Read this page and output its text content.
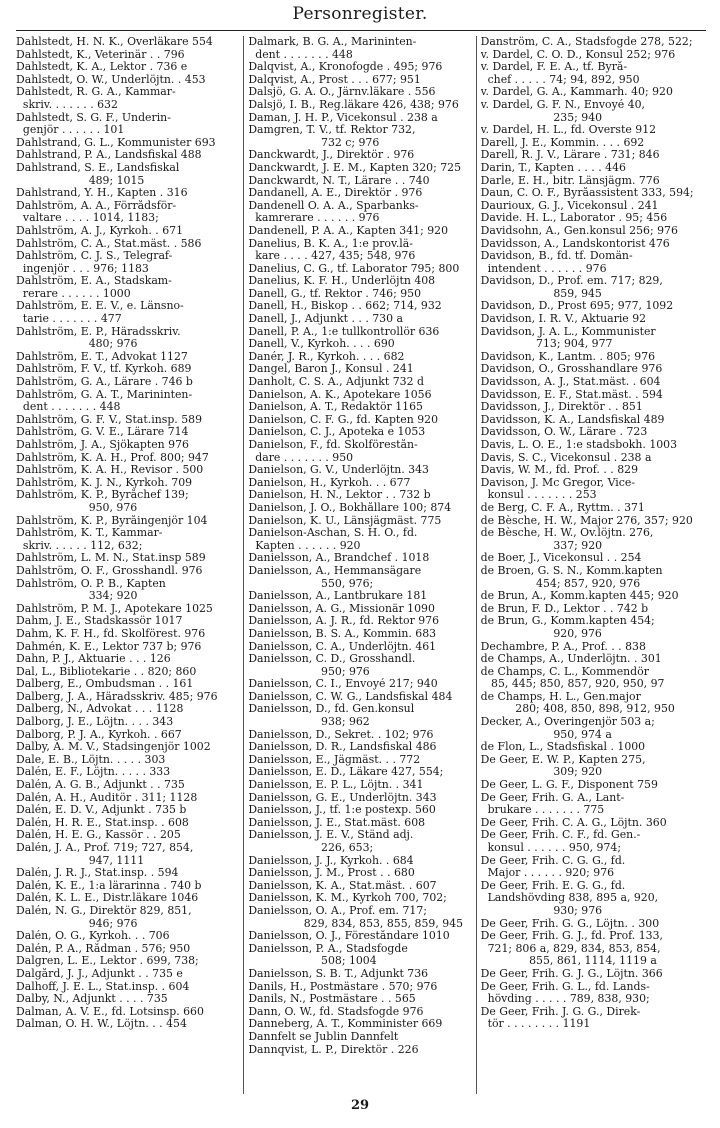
Personregister.
Dahlstedt, H. N. K., Överläkare 554
Dahlstedt, K., Veterinär . . 796
Dahlstedt, K. A., Lektor . 736 e
Dahlstedt, O. W., Underlöjtn. . 453
Dahlstedt, R. G. A., Kammar-
skriv. . . . . . . 632
Dahlstedt, S. G. F., Underin-
genjör . . . . . . 101
Dahlstrand, G. L., Kommunister 693
Dahlstrand, P. A., Landsfiskal 488
Dahlstrand, S. E., Landsfiskal
489; 1015
Dahlstrand, Y. H., Kapten . 316
Dahlström, A. A., Förrådsför-
valtare . . . . 1014, 1183;
Dahlström, A. J., Kyrkoh. . 671
Dahlström, C. A., Stat.mäst. . 586
Dahlström, C. J. S., Telegraf-
ingenjör . . . 976; 1183
Dahlström, E. A., Stadskam-
rerare . . . . . . 1000
Dahlström, E. E. V., e. Länsno-
tarie . . . . . . . 477
Dahlström, E. P., Häradsskriv.
480; 976
Dahlström, E. T., Advokat 1127
Dahlström, F. V., tf. Kyrkoh. 689
Dahlström, G. A., Lärare . 746 b
Dahlström, G. A. T., Marininten-
dent . . . . . . . 448
Dahlström, G. F. V., Stat.insp. 589
Dahlström, G. V. E., Lärare 714
Dahlström, J. A., Sjökapten 976
Dahlström, K. A. H., Prof. 800; 947
Dahlström, K. A. H., Revisor . 500
Dahlström, K. J. N., Kyrkoh. 709
Dahlström, K. P., Byråchef 139;
950, 976
Dahlström, K. P., Byråingenjör 104
Dahlström, K. T., Kammar-
skriv. . . . . . 112, 632;
Dahlström, L. M. N., Stat.insp 589
Dahlström, O. F., Grosshandl. 976
Dahlström, O. P. B., Kapten
334; 920
Dahlström, P. M. J., Apotekare 1025
Dahm, J. E., Stadskassör 1017
Dahm, K. F. H., fd. Skolförest. 976
Dahmén, K. E., Lektor 737 b; 976
Dahn, P. J., Aktuarie . . . 126
Dal, L., Bibliotekarie . . 820; 860
Dalberg, E., Ombudsman . . 161
Dalberg, J. A., Häradsskriv. 485; 976
Dalberg, N., Advokat . . . 1128
Dalborg, J. E., Löjtn. . . . 343
Dalborg, P. J. A., Kyrkoh. . 667
Dalby, A. M. V., Stadsingenjör 1002
Dale, E. B., Löjtn. . . . . 303
Dalén, E. F., Löjtn. . . . . 333
Dalén, A. G. B., Adjunkt . . 735
Dalén, A. H., Auditör . 311; 1128
Dalén, E. D. V., Adjunkt . 735 b
Dalén, H. R. E., Stat.insp. . 608
Dalén, H. E. G., Kassör . . 205
Dalén, J. A., Prof. 719; 727, 854,
947, 1111
Dalén, J. R. J., Stat.insp. . 594
Dalén, K. E., 1:a lärarinna . 740 b
Dalén, K. L. E., Distr.läkare 1046
Dalén, N. G., Direktör 829, 851,
946; 976
Dalén, O. G., Kyrkoh. . . 706
Dalén, P. A., Rådman . 576; 950
Dalgren, L. E., Lektor . 699, 738;
Dalgård, J. J., Adjunkt . . 735 e
Dalhoff, J. E. L., Stat.insp. . 604
Dalby, N., Adjunkt . . . . 735
Dalman, A. V. E., fd. Lotsinsp. 660
Dalman, O. H. W., Löjtn. . . 454
Dalmark, B. G. A., Marininten-
dent . . . . . . . 448
Dalqvist, A., Kronofogde . 495; 976
Dalqvist, A., Prost . . . 677; 951
Dalsjö, G. A. O., Järnv.läkare . 556
Dalsjö, I. B., Reg.läkare 426, 438; 976
Daman, J. H. P., Vicekonsul . 238 a
Damgren, T. V., tf. Rektor 732,
732 c; 976
Danckwardt, J., Direktör . 976
Danckwardt, J. E. M., Kapten 320; 725
Danckwardt, N. T., Lärare . . 740
Dandanell, A. E., Direktör . 976
Dandenell O. A. A., Sparbanks-
kamrerare . . . . . . 976
Dandenell, P. A. A., Kapten 341; 920
Danelius, B. K. A., 1:e prov.lä-
kare . . . . 427, 435; 548, 976
Danelius, C. G., tf. Laborator 795; 800
Danelius, K. F. H., Underlöjtn 408
Danell, G., tf. Rektor . 746; 950
Danell, H., Biskop . . 662; 714, 932
Danell, J., Adjunkt . . . 730 a
Danell, P. A., 1:e tullkontrollör 636
Danell, V., Kyrkoh. . . . 690
Danér, J. R., Kyrkoh. . . . 682
Dangel, Baron J., Konsul . 241
Danholt, C. S. A., Adjunkt 732 d
Danielson, A. K., Apotekare 1056
Danielson, A. T., Redaktör 1165
Danielson, C. F. G., fd. Kapten 920
Danielson, C. J., Apoteka e 1053
Danielson, F., fd. Skolförestån-
dare . . . . . . . 950
Danielson, G. V., Underlöjtn. 343
Danielson, H., Kyrkoh. . . 677
Danielson, H. N., Lektor . . 732 b
Danielson, J. O., Bokhållare 100; 874
Danielson, K. U., Länsjägmäst. 775
Danielson-Aschan, S. H. O., fd.
Kapten . . . . . . 920
Danielsson, A., Brandchef . 1018
Danielsson, A., Hemmansägare
550, 976;
Danielsson, A., Lantbrukare 181
Danielsson, A. G., Missionär 1090
Danielsson, A. J. R., fd. Rektor 976
Danielsson, B. S. A., Kommin. 683
Danielsson, C. A., Underlöjtn. 461
Danielsson, C. D., Grosshandl.
950; 976
Danielsson, C. I., Envoyé 217; 940
Danielsson, C. W. G., Landsfiskal 484
Danielsson, D., fd. Gen.konsul
938; 962
Danielsson, D., Sekret. . 102; 976
Danielsson, D. R., Landsfiskal 486
Danielsson, E., Jägmäst. . . 772
Danielsson, E. D., Läkare 427, 554;
Danielsson, E. P. L., Löjtn. . 341
Danielsson, G. E., Underlöjtn. 343
Danielsson, J., tf. 1:e postexp. 560
Danielsson, J. E., Stat.mäst. 608
Danielsson, J. E. V., Ständ adj.
226, 653;
Danielsson, J. J., Kyrkoh. . 684
Danielsson, J. M., Prost . . 680
Danielsson, K. A., Stat.mäst. . 607
Danielsson, K. M., Kyrkoh 700, 702;
Danielsson, O. A., Prof. em. 717;
829, 834, 853, 855, 859, 945
Danielsson, O. J., Föreståndare 1010
Danielsson, P. A., Stadsfogde
508; 1004
Danielsson, S. B. T., Adjunkt 736
Danils, H., Postmästare . 570; 976
Danils, N., Postmästare . . 565
Dann, O. W., fd. Stadsfogde 976
Danneberg, A. T., Komminister 669
Dannfelt se Jublin Dannfelt
Dannqvist, L. P., Direktör . 226
Danström, C. A., Stadsfogde 278, 522;
v. Dardel, C. O. D., Konsul 252; 976
v. Dardel, F. E. A., tf. Byrå-
chef . . . . . 74; 94, 892, 950
v. Dardel, G. A., Kammarh. 40; 920
v. Dardel, G. F. N., Envoyé 40,
235; 940
v. Dardel, H. L., fd. Överste 912
Darell, J. E., Kommin. . . . 692
Darell, R. J. V., Lärare . 731; 846
Darin, T., Kapten . . . . 446
Darle, E. H., bitr. Länsjägm. 776
Daun, C. O. F., Byråassistent 333, 594;
Daurioux, G. J., Vicekonsul . 241
Davide. H. L., Laborator . 95; 456
Davidsohn, A., Gen.konsul 256; 976
Davidsson, A., Landskontorist 476
Davidson, B., fd. tf. Domän-
intendent . . . . . . 976
Davidson, D., Prof. em. 717; 829,
859, 945
Davidson, D., Prost 695; 977, 1092
Davidson, I. R. V., Aktuarie 92
Davidson, J. A. L., Kommunister
713; 904, 977
Davidson, K., Lantm. . 805; 976
Davidson, O., Grosshandlare 976
Davidsson, A. J., Stat.mäst. . 604
Davidsson, E. F., Stat.mäst. . 594
Davidsson, J., Direktör . . 851
Davidsson, K. A., Landsfiskal 489
Davidsson, O. W., Lärare . 723
Davis, L. O. E., 1:e stadsbokh. 1003
Davis, S. C., Vicekonsul . 238 a
Davis, W. M., fd. Prof. . . 829
Davison, J. Mc Gregor, Vice-
konsul . . . . . . . 253
de Berg, C. F. A., Ryttm. . 371
de Bèsche, H. W., Major 276, 357; 920
de Bèsche, H. W., Öv.löjtn. 276,
337; 920
de Boer, J., Vicekonsul . . 254
de Broen, G. S. N., Komm.kapten
454; 857, 920, 976
de Brun, A., Komm.kapten 445; 920
de Brun, F. D., Lektor . . 742 b
de Brun, G., Komm.kapten 454;
920, 976
Dechambre, P. A., Prof. . . 838
de Champs, A., Underlöjtn. . 301
de Champs, C. L., Kommendör
85, 445; 850, 857, 920, 950, 97
de Champs, H. L., Gen.major
280; 408, 850, 898, 912, 950
Decker, A., Överingenjör 503 a;
950, 974 a
de Flon, L., Stadsfiskal . 1000
De Geer, E. W. P., Kapten 275,
309; 920
De Geer, L. G. F., Disponent 759
De Geer, Frih. G. A., Lant-
brukare . . . . . . . 775
De Geer, Frih. C. A. G., Löjtn. 360
De Geer, Frih. C. F., fd. Gen.-
konsul . . . . . . 950, 974;
De Geer, Frih. C. G. G., fd.
Major . . . . . . 920; 976
De Geer, Frih. E. G. G., fd.
Landshövding 838, 895 a, 920,
930; 976
De Geer, Frih. G. G., Löjtn. . 300
De Geer, Frih. G. J., fd. Prof. 133,
721; 806 a, 829, 834, 853, 854,
855, 861, 1114, 1119 a
De Geer, Frih. G. J. G., Löjtn. 366
De Geer, Frih. G. L., fd. Lands-
hövding . . . . . 789, 838, 930;
De Geer, Frih. J. G. G., Direk-
tör . . . . . . . . 1191
29
